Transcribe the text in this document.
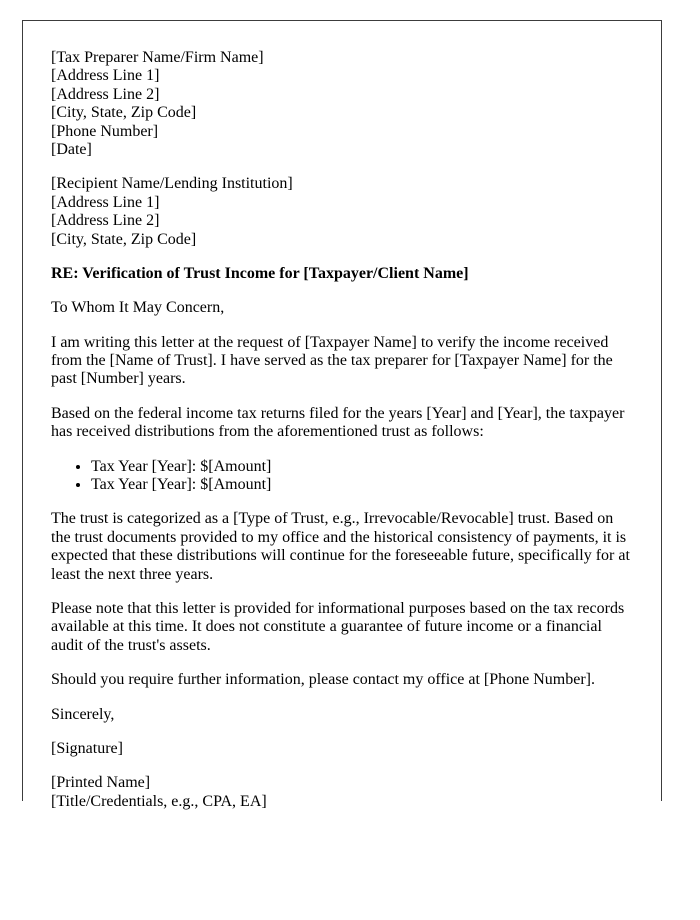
[Tax Preparer Name/Firm Name]
[Address Line 1]
[Address Line 2]
[City, State, Zip Code]
[Phone Number]
[Date]
[Recipient Name/Lending Institution]
[Address Line 1]
[Address Line 2]
[City, State, Zip Code]
RE: Verification of Trust Income for [Taxpayer/Client Name]
To Whom It May Concern,
I am writing this letter at the request of [Taxpayer Name] to verify the income received from the [Name of Trust]. I have served as the tax preparer for [Taxpayer Name] for the past [Number] years.
Based on the federal income tax returns filed for the years [Year] and [Year], the taxpayer has received distributions from the aforementioned trust as follows:
• Tax Year [Year]: $[Amount]
• Tax Year [Year]: $[Amount]
The trust is categorized as a [Type of Trust, e.g., Irrevocable/Revocable] trust. Based on the trust documents provided to my office and the historical consistency of payments, it is expected that these distributions will continue for the foreseeable future, specifically for at least the next three years.
Please note that this letter is provided for informational purposes based on the tax records available at this time. It does not constitute a guarantee of future income or a financial audit of the trust's assets.
Should you require further information, please contact my office at [Phone Number].
Sincerely,
[Signature]
[Printed Name]
[Title/Credentials, e.g., CPA, EA]
